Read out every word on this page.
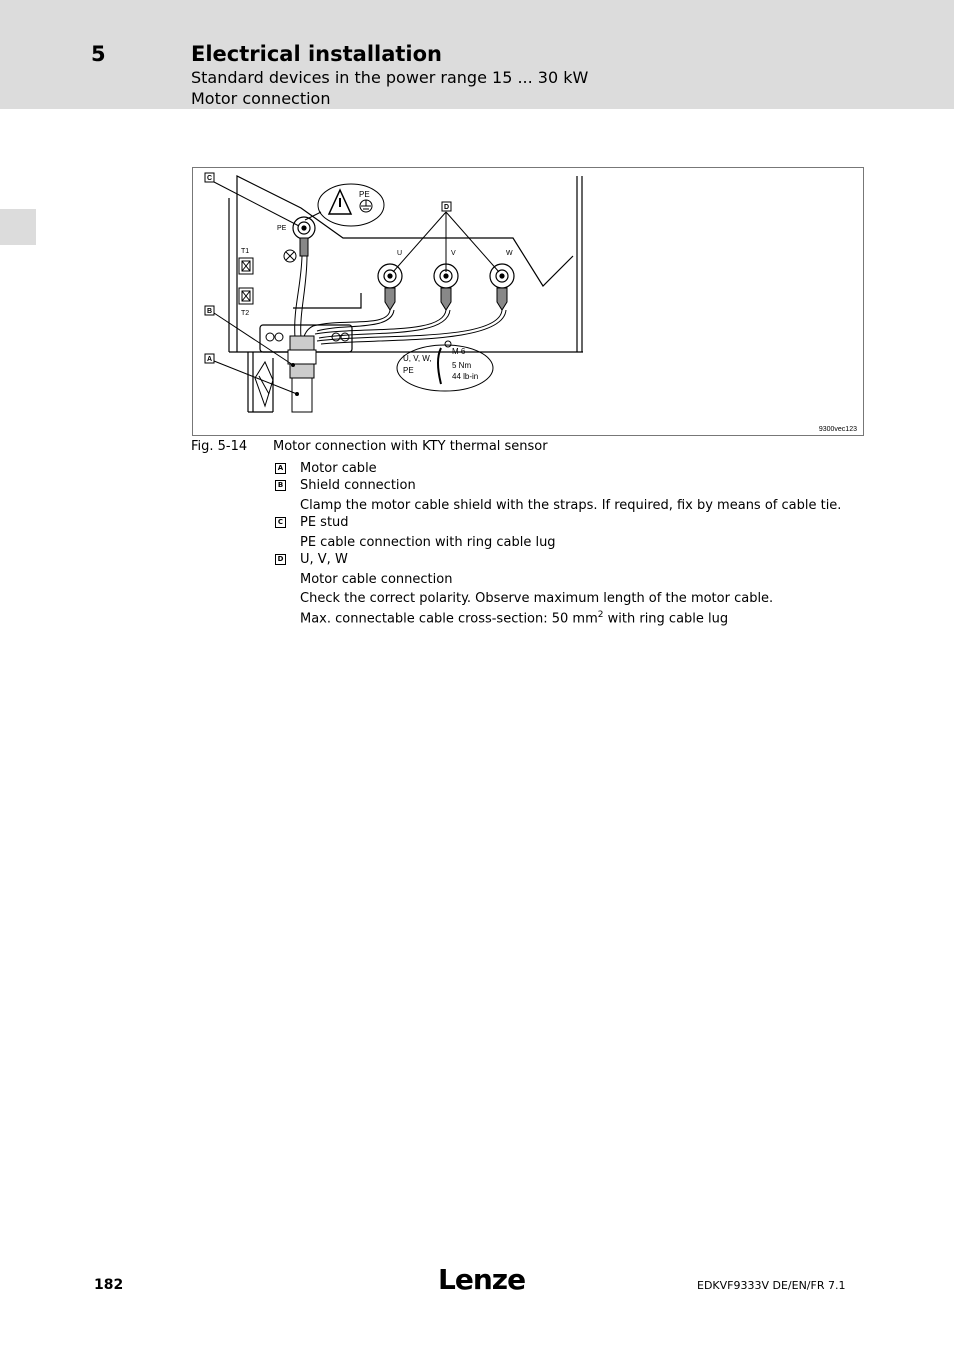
5	Electrical installation
Standard devices in the power range 15 ... 30 kW
Motor connection
C
B
A
D
PE
PE
T1
T2
U	V	W
U, V, W,
PE
M 6
5 Nm
44 lb-in
9300vec123
Fig. 5-14 Motor connection with KTY thermal sensor
A Motor cable
B Shield connection
Clamp the motor cable shield with the straps. If required, fix by means of cable tie.
C PE stud
PE cable connection with ring cable lug
D U, V, W
Motor cable connection
Check the correct polarity. Observe maximum length of the motor cable.
Max. connectable cable cross-section: 50 $mm^2$ with ring cable lug
182	Lenze	EDKVF9333V DE/EN/FR 7.1
